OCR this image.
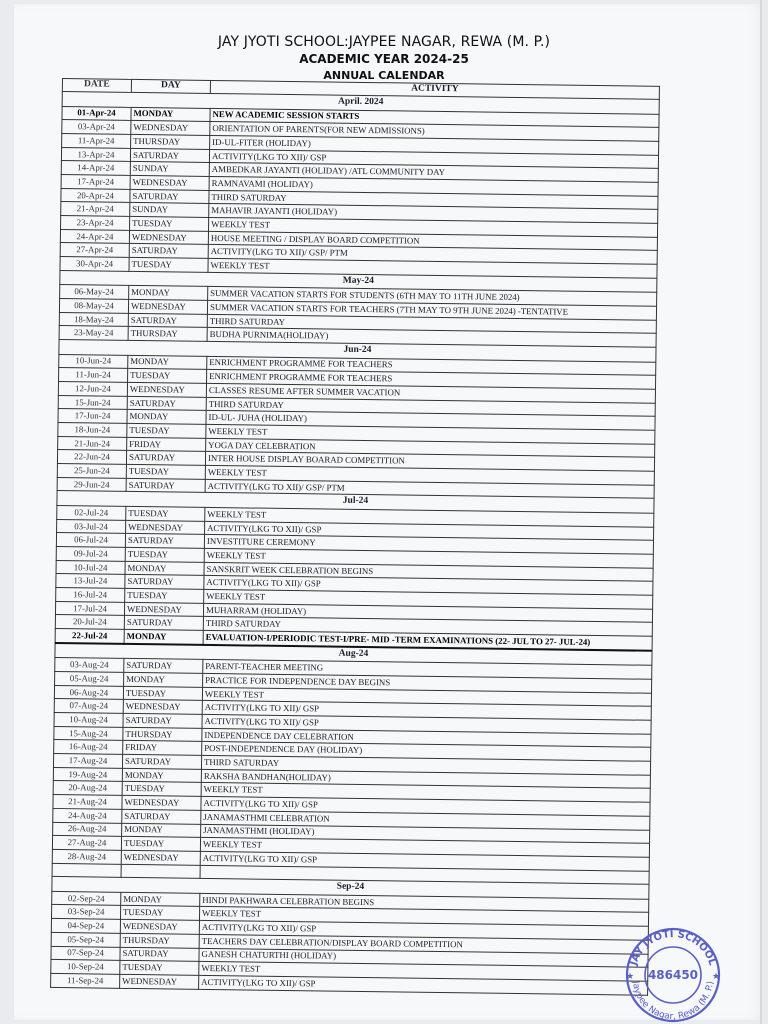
JAY JYOTI SCHOOL:JAYPEE NAGAR, REWA (M. P.)
ACADEMIC YEAR 2024-25
ANNUAL CALENDAR
DATE	DAY	ACTIVITY
April. 2024		
01-Apr-24	MONDAY	NEW ACADEMIC SESSION STARTS
03-Apr-24	WEDNESDAY	ORIENTATION OF PARENTS(FOR NEW ADMISSIONS)
11-Apr-24	THURSDAY	ID-UL-FITER (HOLIDAY)
13-Apr-24	SATURDAY	ACTIVITY(LKG TO XII)/ GSP
14-Apr-24	SUNDAY	AMBEDKAR JAYANTI (HOLIDAY) /ATL COMMUNITY DAY
17-Apr-24	WEDNESDAY	RAMNAVAMI (HOLIDAY)
20-Apr-24	SATURDAY	THIRD SATURDAY
21-Apr-24	SUNDAY	MAHAVIR JAYANTI (HOLIDAY)
23-Apr-24	TUESDAY	WEEKLY TEST
24-Apr-24	WEDNESDAY	HOUSE MEETING / DISPLAY BOARD COMPETITION
27-Apr-24	SATURDAY	ACTIVITY(LKG TO XII)/ GSP/ PTM
30-Apr-24	TUESDAY	WEEKLY TEST
May-24		
06-May-24	MONDAY	SUMMER VACATION STARTS FOR STUDENTS (6TH MAY TO 11TH JUNE 2024)
08-May-24	WEDNESDAY	SUMMER VACATION STARTS FOR TEACHERS (7TH MAY TO 9TH JUNE 2024) -TENTATIVE
18-May-24	SATURDAY	THIRD SATURDAY
23-May-24	THURSDAY	BUDHA PURNIMA(HOLIDAY)
Jun-24		
10-Jun-24	MONDAY	ENRICHMENT PROGRAMME FOR TEACHERS
11-Jun-24	TUESDAY	ENRICHMENT PROGRAMME FOR TEACHERS
12-Jun-24	WEDNESDAY	CLASSES RESUME AFTER SUMMER VACATION
15-Jun-24	SATURDAY	THIRD SATURDAY
17-Jun-24	MONDAY	ID-UL- JUHA (HOLIDAY)
18-Jun-24	TUESDAY	WEEKLY TEST
21-Jun-24	FRIDAY	YOGA DAY CELEBRATION
22-Jun-24	SATURDAY	INTER HOUSE DISPLAY BOARAD COMPETITION
25-Jun-24	TUESDAY	WEEKLY TEST
29-Jun-24	SATURDAY	ACTIVITY(LKG TO XII)/ GSP/ PTM
Jul-24		
02-Jul-24	TUESDAY	WEEKLY TEST
03-Jul-24	WEDNESDAY	ACTIVITY(LKG TO XII)/ GSP
06-Jul-24	SATURDAY	INVESTITURE CEREMONY
09-Jul-24	TUESDAY	WEEKLY TEST
10-Jul-24	MONDAY	SANSKRIT WEEK CELEBRATION BEGINS
13-Jul-24	SATURDAY	ACTIVITY(LKG TO XII)/ GSP
16-Jul-24	TUESDAY	WEEKLY TEST
17-Jul-24	WEDNESDAY	MUHARRAM (HOLIDAY)
20-Jul-24	SATURDAY	THIRD SATURDAY
22-Jul-24	MONDAY	EVALUATION-I/PERIODIC TEST-I/PRE- MID -TERM EXAMINATIONS (22- JUL TO 27- JUL-24)
Aug-24		
03-Aug-24	SATURDAY	PARENT-TEACHER MEETING
05-Aug-24	MONDAY	PRACTICE FOR INDEPENDENCE DAY BEGINS
06-Aug-24	TUESDAY	WEEKLY TEST
07-Aug-24	WEDNESDAY	ACTIVITY(LKG TO XII)/ GSP
10-Aug-24	SATURDAY	ACTIVITY(LKG TO XII)/ GSP
15-Aug-24	THURSDAY	INDEPENDENCE DAY CELEBRATION
16-Aug-24	FRIDAY	POST-INDEPENDENCE DAY (HOLIDAY)
17-Aug-24	SATURDAY	THIRD SATURDAY
19-Aug-24	MONDAY	RAKSHA BANDHAN(HOLIDAY)
20-Aug-24	TUESDAY	WEEKLY TEST
21-Aug-24	WEDNESDAY	ACTIVITY(LKG TO XII)/ GSP
24-Aug-24	SATURDAY	JANAMASTHMI CELEBRATION
26-Aug-24	MONDAY	JANAMASTHMI (HOLIDAY)
27-Aug-24	TUESDAY	WEEKLY TEST
28-Aug-24	WEDNESDAY	ACTIVITY(LKG TO XII)/ GSP

Sep-24		
02-Sep-24	MONDAY	HINDI PAKHWARA CELEBRATION BEGINS
03-Sep-24	TUESDAY	WEEKLY TEST
04-Sep-24	WEDNESDAY	ACTIVITY(LKG TO XII)/ GSP
05-Sep-24	THURSDAY	TEACHERS DAY CELEBRATION/DISPLAY BOARD COMPETITION
07-Sep-24	SATURDAY	GANESH CHATURTHI (HOLIDAY)
10-Sep-24	TUESDAY	WEEKLY TEST
11-Sep-24	WEDNESDAY	ACTIVITY(LKG TO XII)/ GSP
JAY JYOTI SCHOOL
Jaypee Nagar, Rewa (M. P.)
486450
★	★
